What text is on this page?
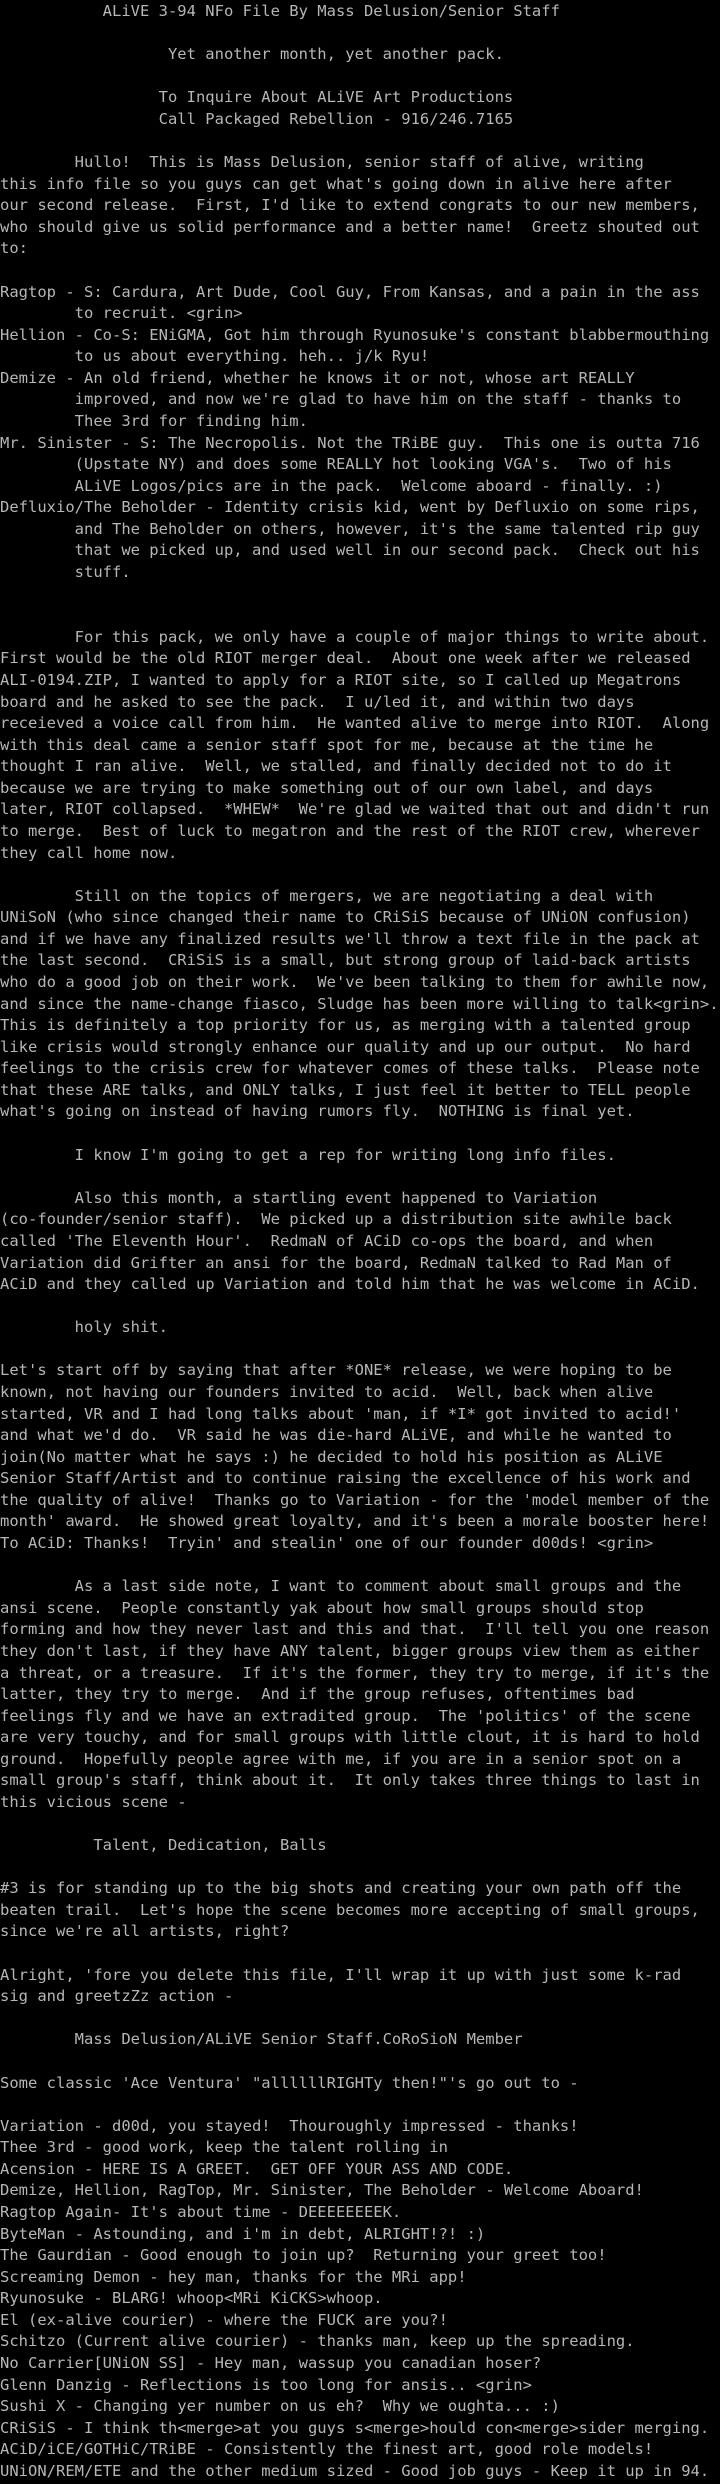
ALiVE 3-94 NFo File By Mass Delusion/Senior Staff
Yet another month, yet another pack.
To Inquire About ALiVE Art Productions
Call Packaged Rebellion - 916/246.7165
Hullo!  This is Mass Delusion, senior staff of alive, writing
this info file so you guys can get what's going down in alive here after
our second release.  First, I'd like to extend congrats to our new members,
who should give us solid performance and a better name!  Greetz shouted out
to:
Ragtop - S: Cardura, Art Dude, Cool Guy, From Kansas, and a pain in the ass
to recruit. <grin>
Hellion - Co-S: ENiGMA, Got him through Ryunosuke's constant blabbermouthing
to us about everything. heh.. j/k Ryu!
Demize - An old friend, whether he knows it or not, whose art REALLY
improved, and now we're glad to have him on the staff - thanks to
Thee 3rd for finding him.
Mr. Sinister - S: The Necropolis. Not the TRiBE guy.  This one is outta 716
(Upstate NY) and does some REALLY hot looking VGA's.  Two of his
ALiVE Logos/pics are in the pack.  Welcome aboard - finally. :)
Defluxio/The Beholder - Identity crisis kid, went by Defluxio on some rips,
and The Beholder on others, however, it's the same talented rip guy
that we picked up, and used well in our second pack.  Check out his
stuff.
For this pack, we only have a couple of major things to write about.
First would be the old RIOT merger deal.  About one week after we released
ALI-0194.ZIP, I wanted to apply for a RIOT site, so I called up Megatrons
board and he asked to see the pack.  I u/led it, and within two days
receieved a voice call from him.  He wanted alive to merge into RIOT.  Along
with this deal came a senior staff spot for me, because at the time he
thought I ran alive.  Well, we stalled, and finally decided not to do it
because we are trying to make something out of our own label, and days
later, RIOT collapsed.  *WHEW*  We're glad we waited that out and didn't run
to merge.  Best of luck to megatron and the rest of the RIOT crew, wherever
they call home now.
Still on the topics of mergers, we are negotiating a deal with
UNiSoN (who since changed their name to CRiSiS because of UNiON confusion)
and if we have any finalized results we'll throw a text file in the pack at
the last second.  CRiSiS is a small, but strong group of laid-back artists
who do a good job on their work.  We've been talking to them for awhile now,
and since the name-change fiasco, Sludge has been more willing to talk<grin>.
This is definitely a top priority for us, as merging with a talented group
like crisis would strongly enhance our quality and up our output.  No hard
feelings to the crisis crew for whatever comes of these talks.  Please note
that these ARE talks, and ONLY talks, I just feel it better to TELL people
what's going on instead of having rumors fly.  NOTHING is final yet.
I know I'm going to get a rep for writing long info files.
Also this month, a startling event happened to Variation
(co-founder/senior staff).  We picked up a distribution site awhile back
called 'The Eleventh Hour'.  RedmaN of ACiD co-ops the board, and when
Variation did Grifter an ansi for the board, RedmaN talked to Rad Man of
ACiD and they called up Variation and told him that he was welcome in ACiD.
holy shit.
Let's start off by saying that after *ONE* release, we were hoping to be
known, not having our founders invited to acid.  Well, back when alive
started, VR and I had long talks about 'man, if *I* got invited to acid!'
and what we'd do.  VR said he was die-hard ALiVE, and while he wanted to
join(No matter what he says :) he decided to hold his position as ALiVE
Senior Staff/Artist and to continue raising the excellence of his work and
the quality of alive!  Thanks go to Variation - for the 'model member of the
month' award.  He showed great loyalty, and it's been a morale booster here!
To ACiD: Thanks!  Tryin' and stealin' one of our founder d00ds! <grin>
As a last side note, I want to comment about small groups and the
ansi scene.  People constantly yak about how small groups should stop
forming and how they never last and this and that.  I'll tell you one reason
they don't last, if they have ANY talent, bigger groups view them as either
a threat, or a treasure.  If it's the former, they try to merge, if it's the
latter, they try to merge.  And if the group refuses, oftentimes bad
feelings fly and we have an extradited group.  The 'politics' of the scene
are very touchy, and for small groups with little clout, it is hard to hold
ground.  Hopefully people agree with me, if you are in a senior spot on a
small group's staff, think about it.  It only takes three things to last in
this vicious scene -
Talent, Dedication, Balls
#3 is for standing up to the big shots and creating your own path off the
beaten trail.  Let's hope the scene becomes more accepting of small groups,
since we're all artists, right?
Alright, 'fore you delete this file, I'll wrap it up with just some k-rad
sig and greetzZz action -
Mass Delusion/ALiVE Senior Staff.CoRoSioN Member
Some classic 'Ace Ventura' "allllllRIGHTy then!"'s go out to -
Variation - d00d, you stayed!  Thouroughly impressed - thanks!
Thee 3rd - good work, keep the talent rolling in
Acension - HERE IS A GREET.  GET OFF YOUR ASS AND CODE.
Demize, Hellion, RagTop, Mr. Sinister, The Beholder - Welcome Aboard!
Ragtop Again- It's about time - DEEEEEEEEK.
ByteMan - Astounding, and i'm in debt, ALRIGHT!?! :)
The Gaurdian - Good enough to join up?  Returning your greet too!
Screaming Demon - hey man, thanks for the MRi app!
Ryunosuke - BLARG! whoop<MRi KiCKS>whoop.
El (ex-alive courier) - where the FUCK are you?!
Schitzo (Current alive courier) - thanks man, keep up the spreading.
No Carrier[UNiON SS] - Hey man, wassup you canadian hoser?
Glenn Danzig - Reflections is too long for ansis.. <grin>
Sushi X - Changing yer number on us eh?  Why we oughta... :)
CRiSiS - I think th<merge>at you guys s<merge>hould con<merge>sider merging.
ACiD/iCE/GOTHiC/TRiBE - Consistently the finest art, good role models!
UNiON/REM/ETE and the other medium sized - Good job guys - Keep it up in 94.
